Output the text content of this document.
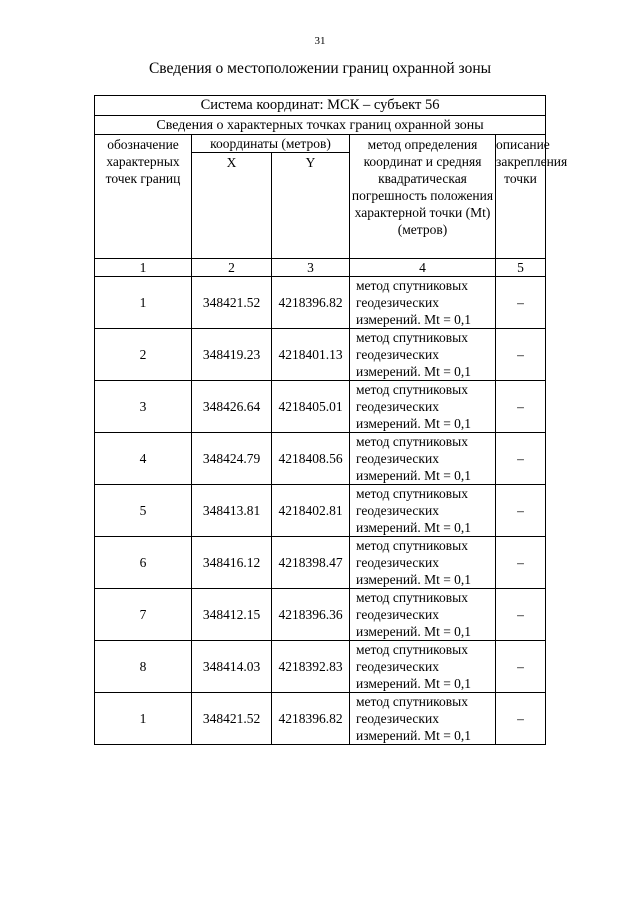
31
Сведения о местоположении границ охранной зоны
Система координат: МСК – субъект 56				
Сведения о характерных точках границ охранной зоны				
обозначение характерных точек границ	координаты (метров)		метод определения координат и средняя квадратическая погрешность положения характерной точки (Mt) (метров)	описание закрепления точки
	X	Y		
1	2	3	4	5
1	348421.52	4218396.82	метод спутниковых геодезических измерений. Mt = 0,1	–
2	348419.23	4218401.13	метод спутниковых геодезических измерений. Mt = 0,1	–
3	348426.64	4218405.01	метод спутниковых геодезических измерений. Mt = 0,1	–
4	348424.79	4218408.56	метод спутниковых геодезических измерений. Mt = 0,1	–
5	348413.81	4218402.81	метод спутниковых геодезических измерений. Mt = 0,1	–
6	348416.12	4218398.47	метод спутниковых геодезических измерений. Mt = 0,1	–
7	348412.15	4218396.36	метод спутниковых геодезических измерений. Mt = 0,1	–
8	348414.03	4218392.83	метод спутниковых геодезических измерений. Mt = 0,1	–
1	348421.52	4218396.82	метод спутниковых геодезических измерений. Mt = 0,1	–
